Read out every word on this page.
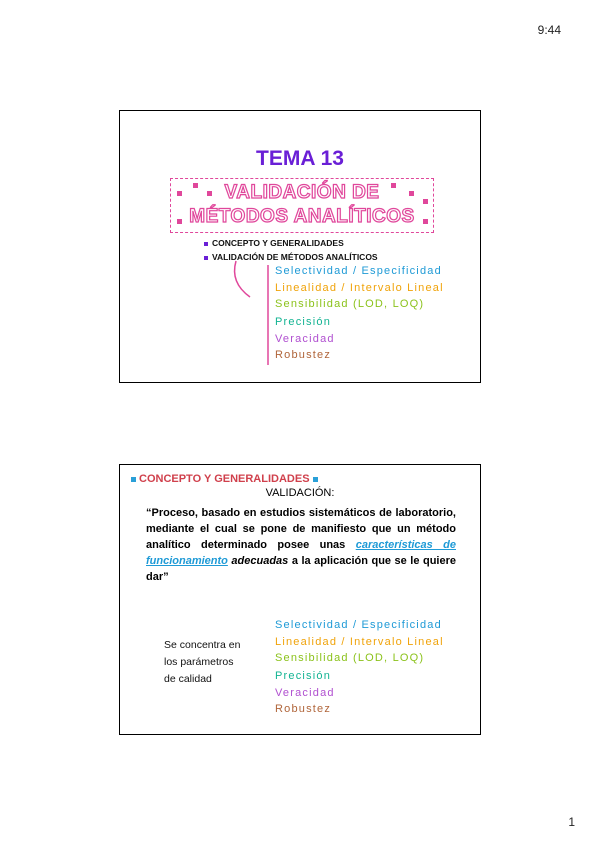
9:44
TEMA 13
VALIDACIÓN DE
MÉTODOS ANALÍTICOS
CONCEPTO Y GENERALIDADES
VALIDACIÓN DE MÉTODOS ANALÍTICOS
Selectividad / Especificidad
Linealidad / Intervalo Lineal
Sensibilidad (LOD, LOQ)
Precisión
Veracidad
Robustez
CONCEPTO Y GENERALIDADES
VALIDACIÓN:
“Proceso, basado en estudios sistemáticos de laboratorio, mediante el cual se pone de manifiesto que un método analítico determinado posee unas características de funcionamiento adecuadas a la aplicación que se le quiere dar”
Se concentra en
los parámetros
de calidad
Selectividad / Especificidad
Linealidad / Intervalo Lineal
Sensibilidad (LOD, LOQ)
Precisión
Veracidad
Robustez
1
